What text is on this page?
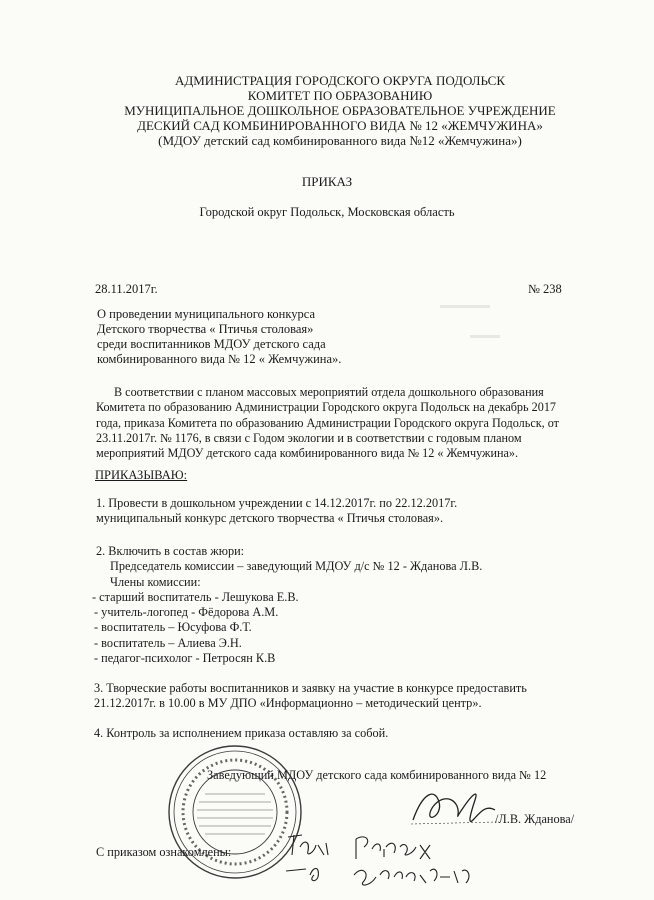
АДМИНИСТРАЦИЯ ГОРОДСКОГО ОКРУГА ПОДОЛЬСК
КОМИТЕТ ПО ОБРАЗОВАНИЮ
МУНИЦИПАЛЬНОЕ ДОШКОЛЬНОЕ ОБРАЗОВАТЕЛЬНОЕ УЧРЕЖДЕНИЕ
ДЕСКИЙ САД КОМБИНИРОВАННОГО ВИДА № 12 «ЖЕМЧУЖИНА»
(МДОУ детский сад комбинированного вида №12 «Жемчужина»)
ПРИКАЗ
Городской округ Подольск, Московская область
28.11.2017г.	№ 238
О проведении муниципального конкурса
Детского творчества « Птичья столовая»
среди воспитанников МДОУ детского сада
комбинированного вида № 12 « Жемчужина».
В соответствии с планом массовых мероприятий отдела дошкольного образования
Комитета по образованию Администрации Городского округа Подольск на декабрь 2017
года, приказа Комитета по образованию Администрации Городского округа Подольск, от
23.11.2017г. № 1176, в связи с Годом экологии и в соответствии с годовым планом
мероприятий МДОУ детского сада комбинированного вида № 12 « Жемчужина».
ПРИКАЗЫВАЮ:
1. Провести в дошкольном учреждении с 14.12.2017г. по 22.12.2017г.
муниципальный конкурс детского творчества « Птичья столовая».
2. Включить в состав жюри:
Председатель комиссии – заведующий МДОУ д/с № 12 - Жданова Л.В.
Члены комиссии:
- старший воспитатель - Лешукова Е.В.
- учитель-логопед - Фёдорова А.М.
- воспитатель – Юсуфова Ф.Т.
- воспитатель – Алиева Э.Н.
- педагог-психолог - Петросян К.В
3. Творческие работы воспитанников и заявку на участие в конкурсе предоставить
21.12.2017г. в 10.00 в МУ ДПО «Информационно – методический центр».
4. Контроль за исполнением приказа оставляю за собой.
Заведующий МДОУ детского сада комбинированного вида № 12
/Л.В. Жданова/
С приказом ознакомлены:
▬▬▬▬▬
▬▬▬
